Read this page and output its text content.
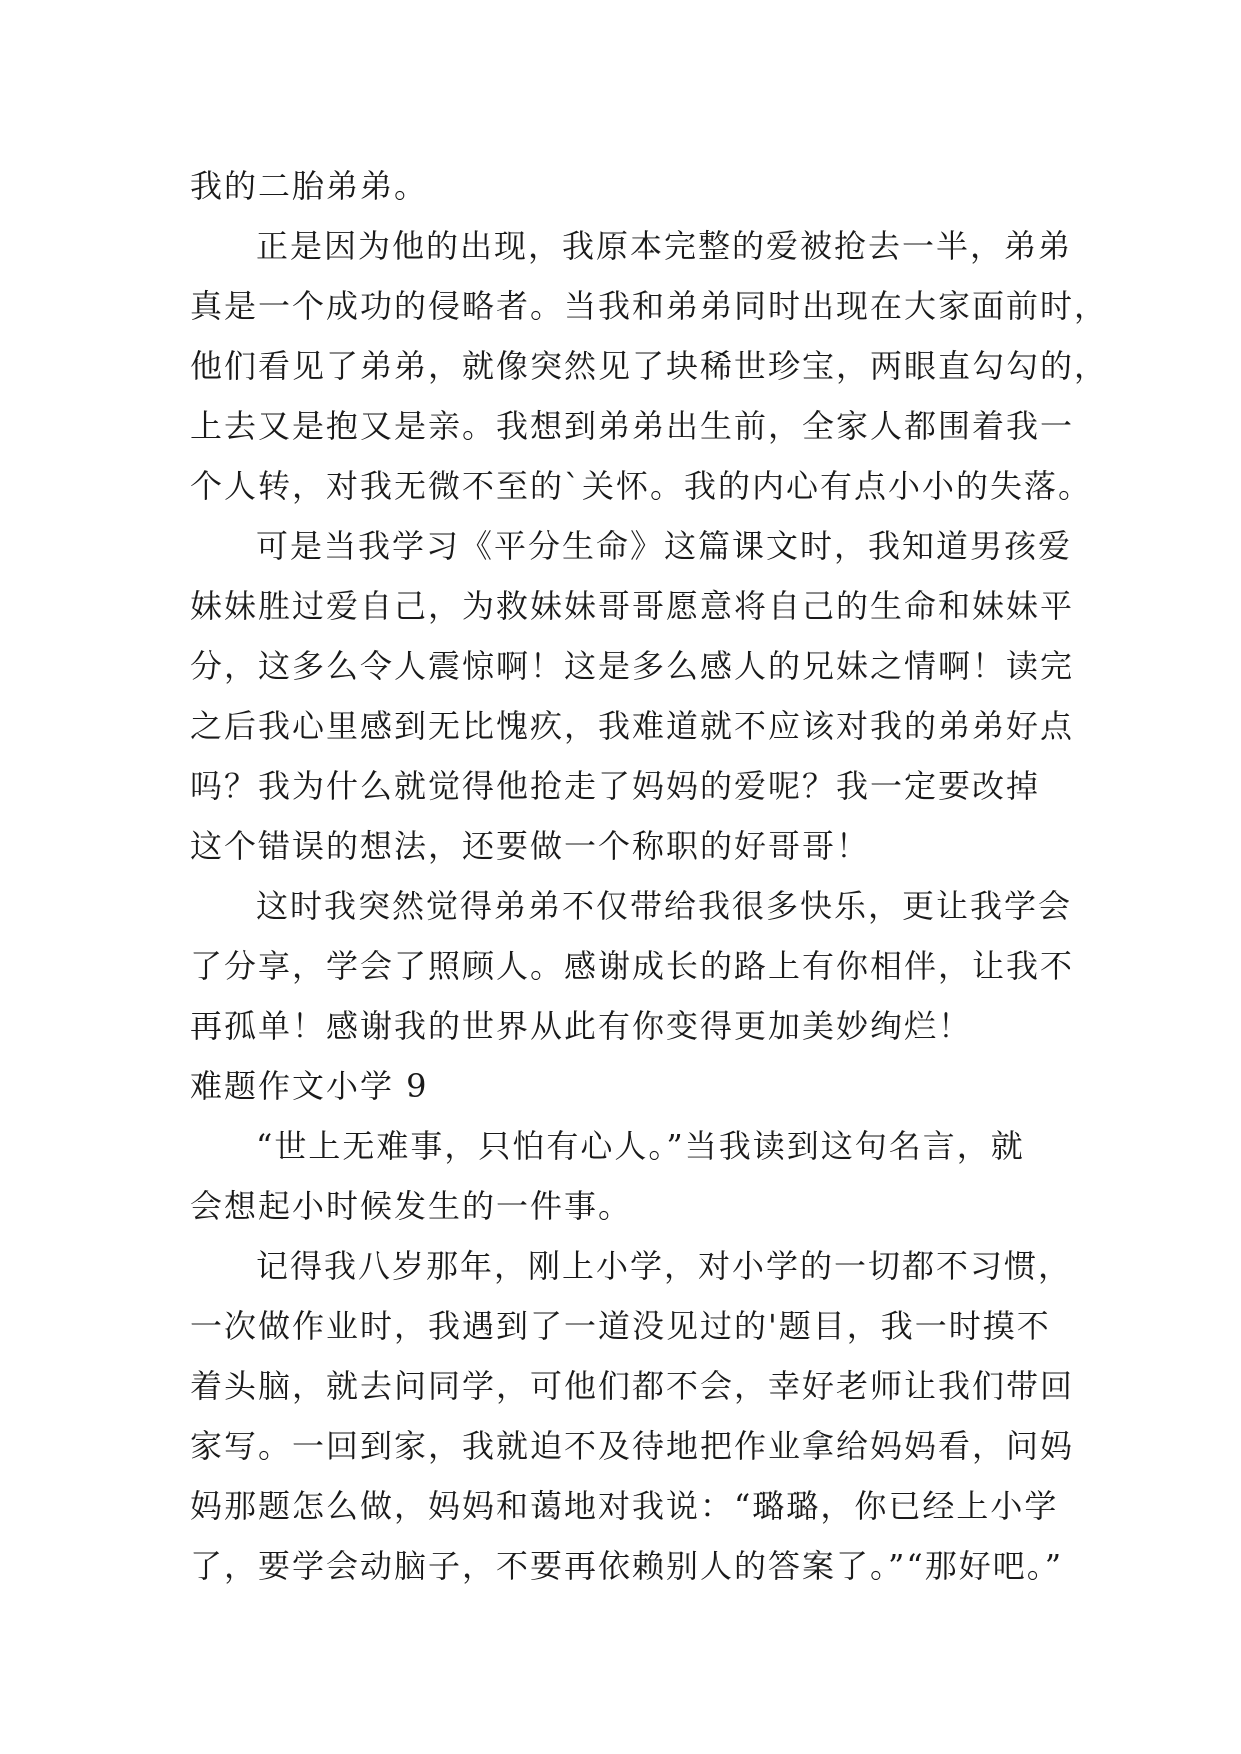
我的二胎弟弟。
正是因为他的出现，我原本完整的爱被抢去一半，弟弟
真是一个成功的侵略者。当我和弟弟同时出现在大家面前时，
他们看见了弟弟，就像突然见了块稀世珍宝，两眼直勾勾的，
上去又是抱又是亲。我想到弟弟出生前，全家人都围着我一
个人转，对我无微不至的`关怀。我的内心有点小小的失落。
可是当我学习《平分生命》这篇课文时，我知道男孩爱
妹妹胜过爱自己，为救妹妹哥哥愿意将自己的生命和妹妹平
分，这多么令人震惊啊！这是多么感人的兄妹之情啊！读完
之后我心里感到无比愧疚，我难道就不应该对我的弟弟好点
吗？我为什么就觉得他抢走了妈妈的爱呢？我一定要改掉
这个错误的想法，还要做一个称职的好哥哥！
这时我突然觉得弟弟不仅带给我很多快乐，更让我学会
了分享，学会了照顾人。感谢成长的路上有你相伴，让我不
再孤单！感谢我的世界从此有你变得更加美妙绚烂！
难题作文小学 9
“世上无难事，只怕有心人。”当我读到这句名言，就
会想起小时候发生的一件事。
记得我八岁那年，刚上小学，对小学的一切都不习惯，
一次做作业时，我遇到了一道没见过的'题目，我一时摸不
着头脑，就去问同学，可他们都不会，幸好老师让我们带回
家写。一回到家，我就迫不及待地把作业拿给妈妈看，问妈
妈那题怎么做，妈妈和蔼地对我说：“璐璐，你已经上小学
了，要学会动脑子，不要再依赖别人的答案了。”“那好吧。”
